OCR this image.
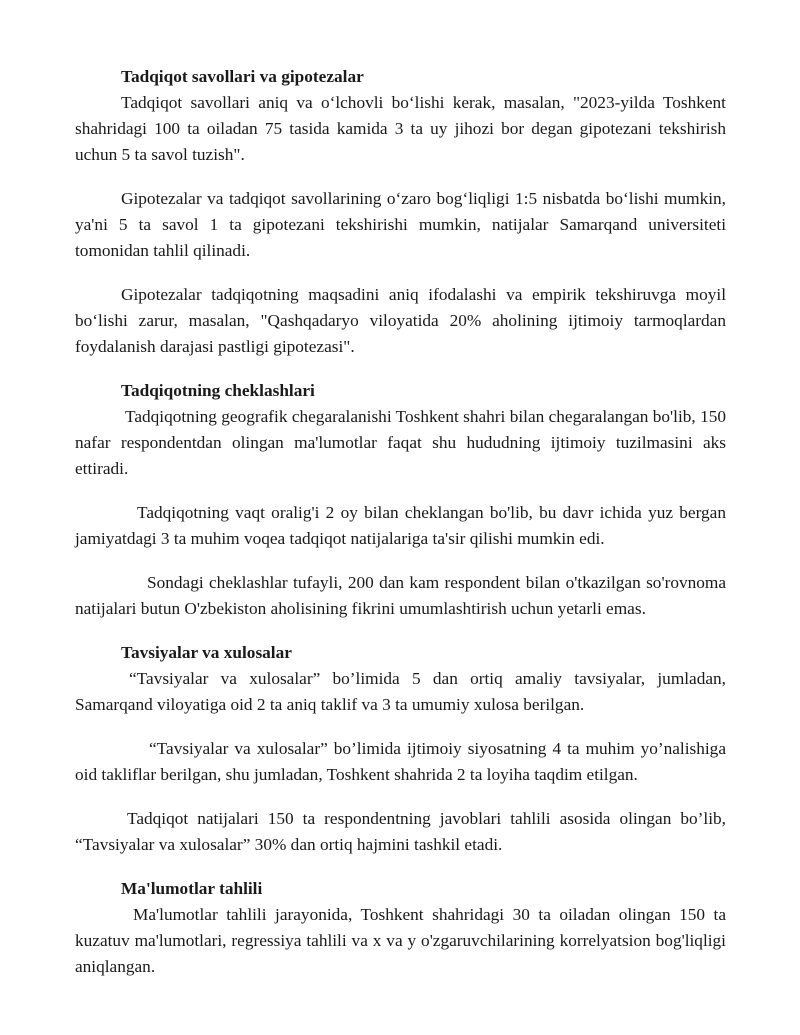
Tadqiqot savollari va gipotezalar

Tadqiqot savollari aniq va oʻlchovli boʻlishi kerak, masalan, "2023-yilda Toshkent shahridagi 100 ta oiladan 75 tasida kamida 3 ta uy jihozi bor degan gipotezani tekshirish uchun 5 ta savol tuzish".

Gipotezalar va tadqiqot savollarining oʻzaro bogʻliqligi 1:5 nisbatda boʻlishi mumkin, ya'ni 5 ta savol 1 ta gipotezani tekshirishi mumkin, natijalar Samarqand universiteti tomonidan tahlil qilinadi.

Gipotezalar tadqiqotning maqsadini aniq ifodalashi va empirik tekshiruvga moyil boʻlishi zarur, masalan, "Qashqadaryo viloyatida 20% aholining ijtimoiy tarmoqlardan foydalanish darajasi pastligi gipotezasi".

Tadqiqotning cheklashlari

Tadqiqotning geografik chegaralanishi Toshkent shahri bilan chegaralangan bo'lib, 150 nafar respondentdan olingan ma'lumotlar faqat shu hududning ijtimoiy tuzilmasini aks ettiradi.

Tadqiqotning vaqt oralig'i 2 oy bilan cheklangan bo'lib, bu davr ichida yuz bergan jamiyatdagi 3 ta muhim voqea tadqiqot natijalariga ta'sir qilishi mumkin edi.

Sondagi cheklashlar tufayli, 200 dan kam respondent bilan o'tkazilgan so'rovnoma natijalari butun O'zbekiston aholisining fikrini umumlashtirish uchun yetarli emas.

Tavsiyalar va xulosalar

“Tavsiyalar va xulosalar” bo’limida 5 dan ortiq amaliy tavsiyalar, jumladan, Samarqand viloyatiga oid 2 ta aniq taklif va 3 ta umumiy xulosa berilgan.

“Tavsiyalar va xulosalar” bo’limida ijtimoiy siyosatning 4 ta muhim yo’nalishiga oid takliflar berilgan, shu jumladan, Toshkent shahrida 2 ta loyiha taqdim etilgan.

Tadqiqot natijalari 150 ta respondentning javoblari tahlili asosida olingan bo’lib, “Tavsiyalar va xulosalar” 30% dan ortiq hajmini tashkil etadi.

Ma'lumotlar tahlili

Ma'lumotlar tahlili jarayonida, Toshkent shahridagi 30 ta oiladan olingan 150 ta kuzatuv ma'lumotlari, regressiya tahlili va x va y o'zgaruvchilarining korrelyatsion bog'liqligi aniqlangan.
